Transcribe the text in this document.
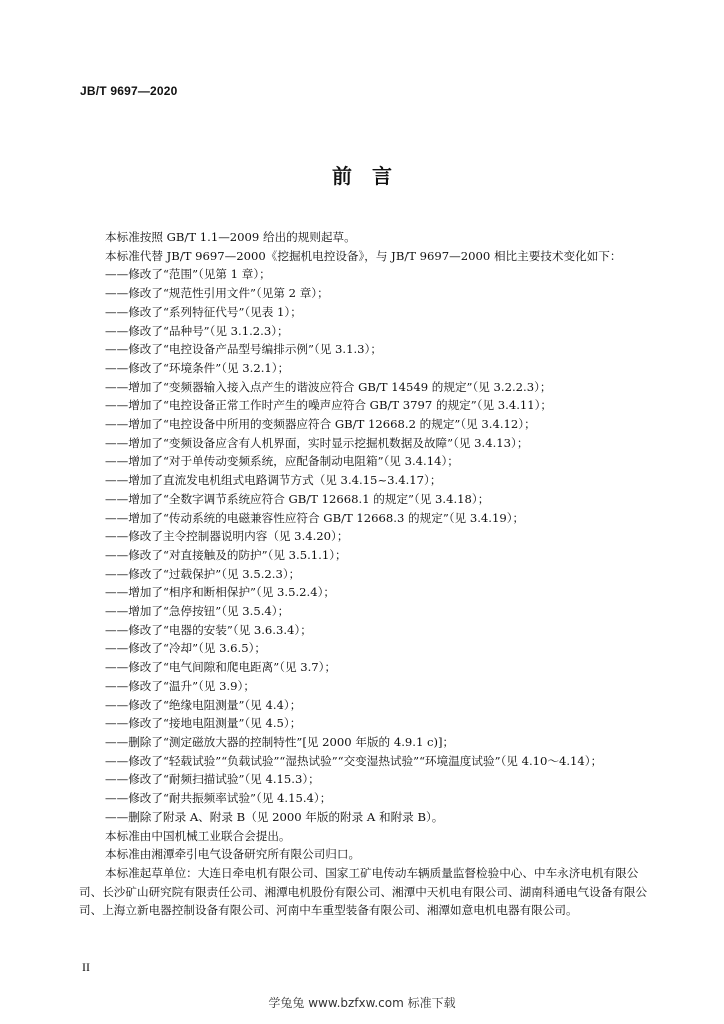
JB/T 9697—2020
前　言

本标准按照 GB/T 1.1—2009 给出的规则起草。

本标准代替 JB/T 9697—2000《挖掘机电控设备》，与 JB/T 9697—2000 相比主要技术变化如下：

——修改了“范围”（见第 1 章）；

——修改了“规范性引用文件”（见第 2 章）；

——修改了“系列特征代号”（见表 1）；

——修改了“品种号”（见 3.1.2.3）；

——修改了“电控设备产品型号编排示例”（见 3.1.3）；

——修改了“环境条件”（见 3.2.1）；

——增加了“变频器输入接入点产生的谐波应符合 GB/T 14549 的规定”（见 3.2.2.3）；

——增加了“电控设备正常工作时产生的噪声应符合 GB/T 3797 的规定”（见 3.4.11）；

——增加了“电控设备中所用的变频器应符合 GB/T 12668.2 的规定”（见 3.4.12）；

——增加了“变频设备应含有人机界面，实时显示挖掘机数据及故障”（见 3.4.13）；

——增加了“对于单传动变频系统，应配备制动电阻箱”（见 3.4.14）；

——增加了直流发电机组式电路调节方式（见 3.4.15~3.4.17）；

——增加了“全数字调节系统应符合 GB/T 12668.1 的规定”（见 3.4.18）；

——增加了“传动系统的电磁兼容性应符合 GB/T 12668.3 的规定”（见 3.4.19）；

——修改了主令控制器说明内容（见 3.4.20）；

——修改了“对直接触及的防护”（见 3.5.1.1）；

——修改了“过载保护”（见 3.5.2.3）；

——增加了“相序和断相保护”（见 3.5.2.4）；

——增加了“急停按钮”（见 3.5.4）；

——修改了“电器的安装”（见 3.6.3.4）；

——修改了“冷却”（见 3.6.5）；

——修改了“电气间隙和爬电距离”（见 3.7）；

——修改了“温升”（见 3.9）；

——修改了“绝缘电阻测量”（见 4.4）；

——修改了“接地电阻测量”（见 4.5）；

——删除了“测定磁放大器的控制特性”[见 2000 年版的 4.9.1 c)]；

——修改了“轻载试验”“负载试验”“湿热试验”“交变湿热试验”“环境温度试验”（见 4.10～4.14）；

——修改了“耐频扫描试验”（见 4.15.3）；

——修改了“耐共振频率试验”（见 4.15.4）；

——删除了附录 A、附录 B（见 2000 年版的附录 A 和附录 B）。

本标准由中国机械工业联合会提出。

本标准由湘潭牵引电气设备研究所有限公司归口。

本标准起草单位：大连日牵电机有限公司、国家工矿电传动车辆质量监督检验中心、中车永济电机有限公司、长沙矿山研究院有限责任公司、湘潭电机股份有限公司、湘潭中天机电有限公司、湖南科通电气设备有限公司、上海立新电器控制设备有限公司、河南中车重型装备有限公司、湘潭如意电机电器有限公司。

II
学兔兔 www.bzfxw.com 标准下载
